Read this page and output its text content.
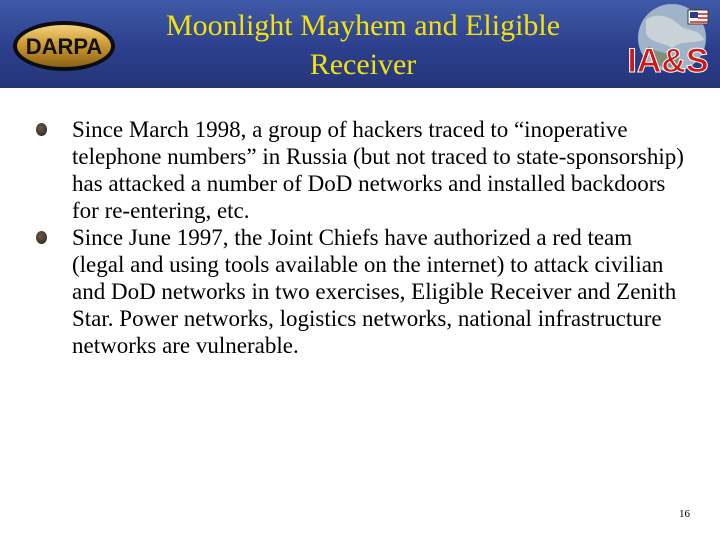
DARPA
Moonlight Mayhem and Eligible Receiver	IA&S
Since March 1998, a group of hackers traced to “inoperative telephone numbers” in Russia (but not traced to state-sponsorship) has attacked a number of DoD networks and installed backdoors for re-entering, etc.
Since June 1997, the Joint Chiefs have authorized a red team (legal and using tools available on the internet) to attack civilian and DoD networks in two exercises, Eligible Receiver and Zenith Star. Power networks, logistics networks, national infrastructure networks are vulnerable.
16
